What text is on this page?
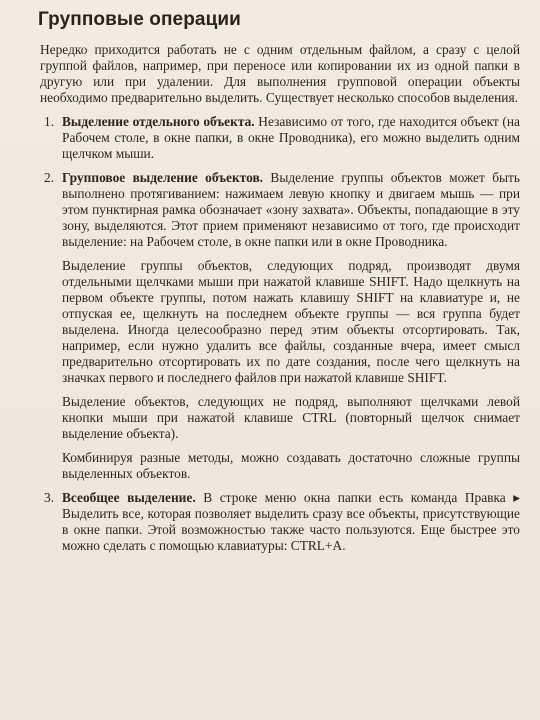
Групповые операции

Нередко приходится работать не с одним отдельным файлом, а сразу с целой группой файлов, например, при переносе или копировании их из одной папки в другую или при удалении. Для выполнения групповой операции объекты необходимо предварительно выделить. Существует несколько способов выделения.

1. Выделение отдельного объекта. Независимо от того, где находится объект (на Рабочем столе, в окне папки, в окне Проводника), его можно выделить одним щелчком мыши.

2. Групповое выделение объектов. Выделение группы объектов может быть выполнено протягиванием: нажимаем левую кнопку и двигаем мышь — при этом пунктирная рамка обозначает «зону захвата». Объекты, попадающие в эту зону, выделяются. Этот прием применяют независимо от того, где происходит выделение: на Рабочем столе, в окне папки или в окне Проводника.

Выделение группы объектов, следующих подряд, производят двумя отдельными щелчками мыши при нажатой клавише SHIFT. Надо щелкнуть на первом объекте группы, потом нажать клавишу SHIFT на клавиатуре и, не отпуская ее, щелкнуть на последнем объекте группы — вся группа будет выделена. Иногда целесообразно перед этим объекты отсортировать. Так, например, если нужно удалить все файлы, созданные вчера, имеет смысл предварительно отсортировать их по дате создания, после чего щелкнуть на значках первого и последнего файлов при нажатой клавише SHIFT.

Выделение объектов, следующих не подряд, выполняют щелчками левой кнопки мыши при нажатой клавише CTRL (повторный щелчок снимает выделение объекта).

Комбинируя разные методы, можно создавать достаточно сложные группы выделенных объектов.

3. Всеобщее выделение. В строке меню окна папки есть команда Правка ▸ Выделить все, которая позволяет выделить сразу все объекты, присутствующие в окне папки. Этой возможностью также часто пользуются. Еще быстрее это можно сделать с помощью клавиатуры: CTRL+A.
